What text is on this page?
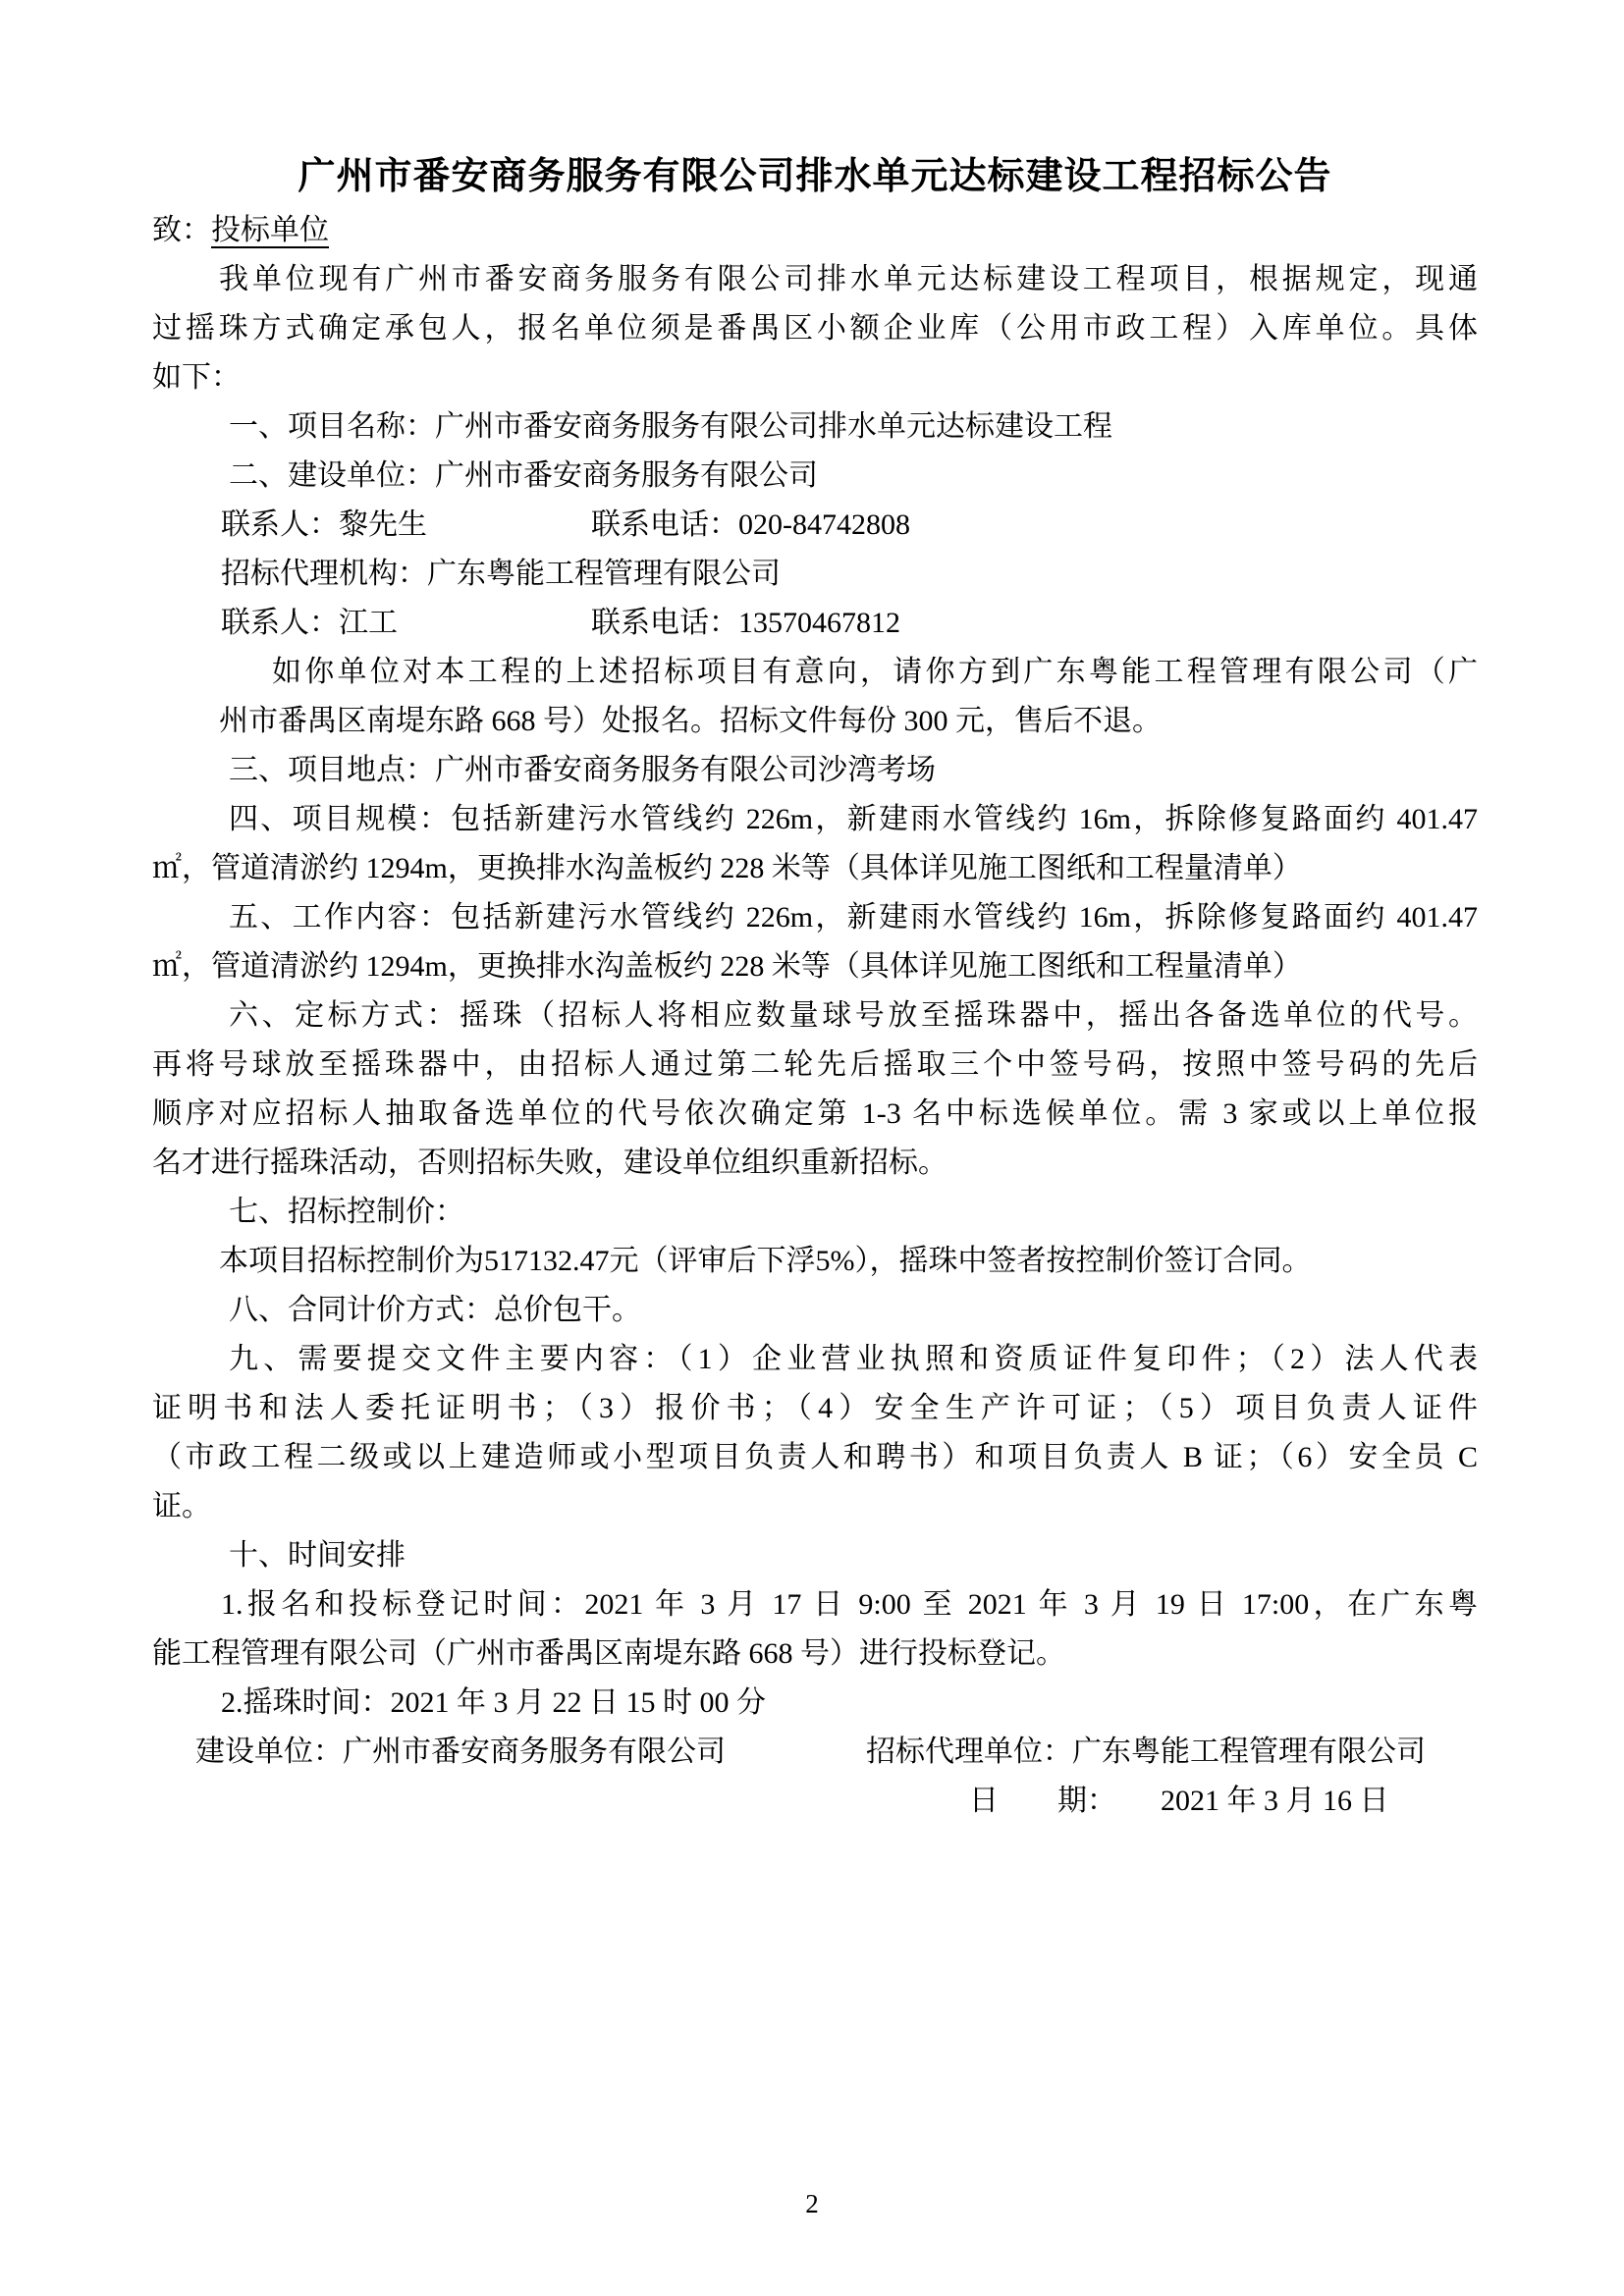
广州市番安商务服务有限公司排水单元达标建设工程招标公告
致：投标单位
我单位现有广州市番安商务服务有限公司排水单元达标建设工程项目，根据规定，现通
过摇珠方式确定承包人，报名单位须是番禺区小额企业库（公用市政工程）入库单位。具体
如下：
一、项目名称：广州市番安商务服务有限公司排水单元达标建设工程
二、建设单位：广州市番安商务服务有限公司
联系人：黎先生	联系电话：020-84742808
招标代理机构：广东粤能工程管理有限公司
联系人：江工	联系电话：13570467812
如你单位对本工程的上述招标项目有意向，请你方到广东粤能工程管理有限公司（广
州市番禺区南堤东路 668 号）处报名。招标文件每份 300 元，售后不退。
三、项目地点：广州市番安商务服务有限公司沙湾考场
四、项目规模：包括新建污水管线约 226m，新建雨水管线约 16m，拆除修复路面约 401.47
㎡，管道清淤约 1294m，更换排水沟盖板约 228 米等（具体详见施工图纸和工程量清单）
五、工作内容：包括新建污水管线约 226m，新建雨水管线约 16m，拆除修复路面约 401.47
㎡，管道清淤约 1294m，更换排水沟盖板约 228 米等（具体详见施工图纸和工程量清单）
六、定标方式：摇珠（招标人将相应数量球号放至摇珠器中，摇出各备选单位的代号。
再将号球放至摇珠器中，由招标人通过第二轮先后摇取三个中签号码，按照中签号码的先后
顺序对应招标人抽取备选单位的代号依次确定第 1-3 名中标选候单位。需 3 家或以上单位报
名才进行摇珠活动，否则招标失败，建设单位组织重新招标。
七、招标控制价：
本项目招标控制价为517132.47元（评审后下浮5%），摇珠中签者按控制价签订合同。
八、合同计价方式：总价包干。
九、需要提交文件主要内容：（1）企业营业执照和资质证件复印件；（2）法人代表
证明书和法人委托证明书；（3）报价书；（4）安全生产许可证；（5）项目负责人证件
（市政工程二级或以上建造师或小型项目负责人和聘书）和项目负责人 B 证；（6）安全员 C
证。
十、时间安排
1.报名和投标登记时间：2021 年 3 月 17 日 9:00 至 2021 年 3 月 19 日 17:00，在广东粤
能工程管理有限公司（广州市番禺区南堤东路 668 号）进行投标登记。
2.摇珠时间：2021 年 3 月 22 日 15 时 00 分
建设单位：广州市番安商务服务有限公司	招标代理单位：广东粤能工程管理有限公司
日　　期：　　2021 年 3 月 16 日
2
